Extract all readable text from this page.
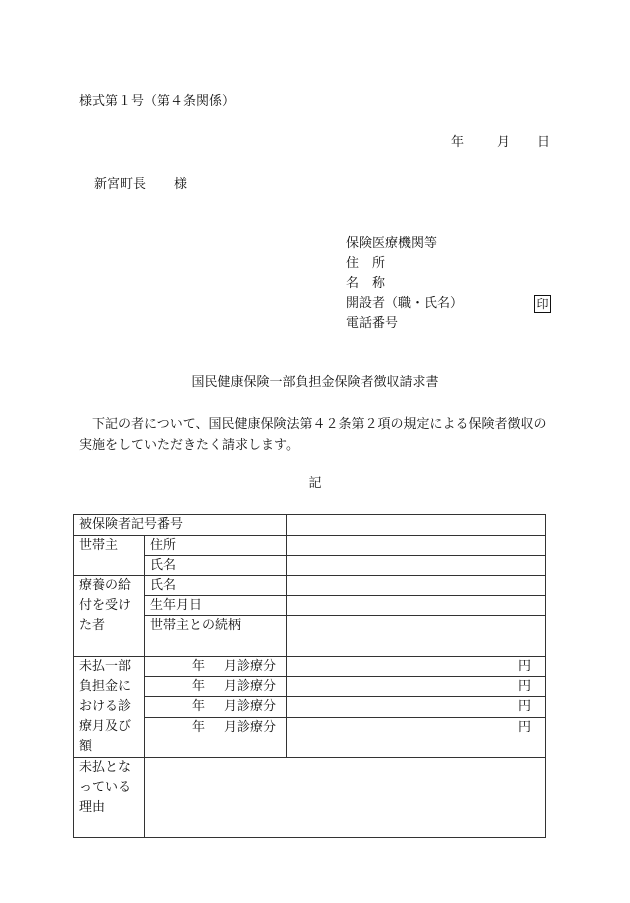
様式第１号（第４条関係）
年	月 日
新宮町長 様
保険医療機関等
住　所
名　称
開設者（職・氏名）	印
電話番号
国民健康保険一部負担金保険者徴収請求書
　下記の者について、国民健康保険法第４２条第２項の規定による保険者徴収の実施をしていただきたく請求します。
記
被保険者記号番号		
世帯主	住所	
	氏名	
療養の給付を受けた者	氏名	
	生年月日	
	世帯主との続柄	
未払一部負担金における診療月及び額	年 月診療分	円

	年 月診療分	円

	年 月診療分	円

	年 月診療分	円
未払となっている理由		
